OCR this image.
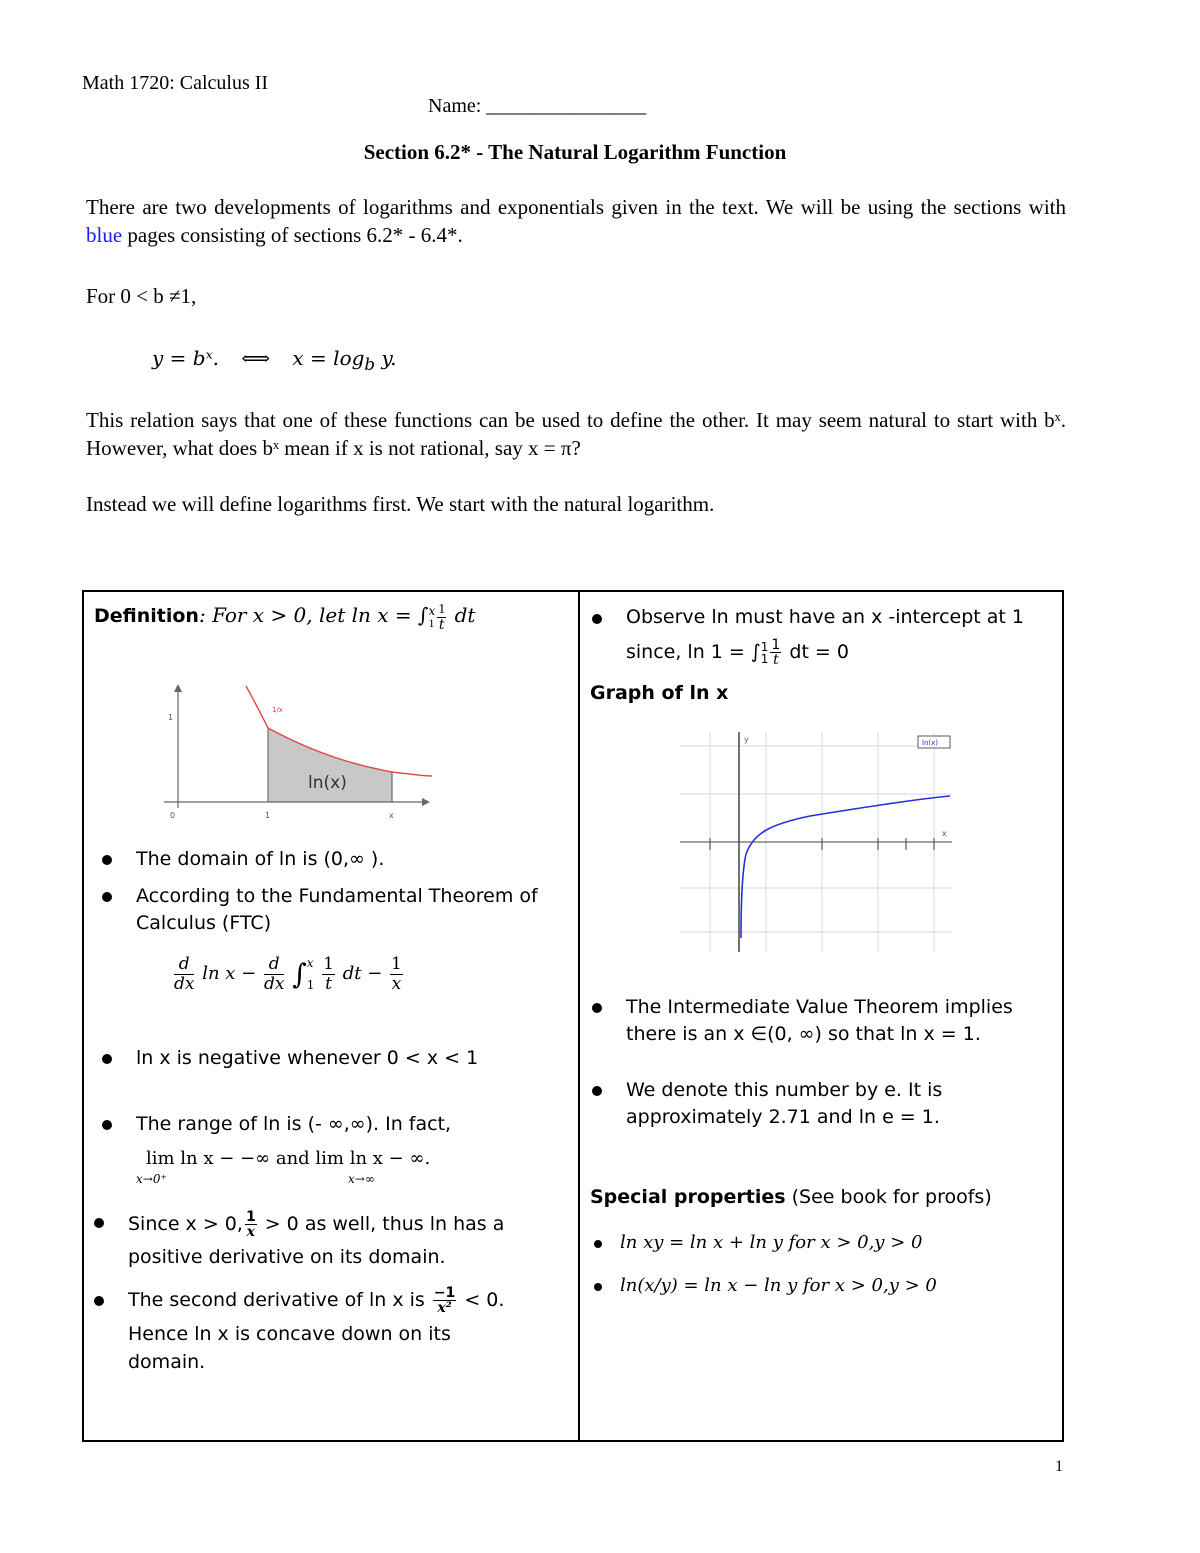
Math 1720: Calculus II
Name: ________________
Section 6.2* - The Natural Logarithm Function
There are two developments of logarithms and exponentials given in the text. We will be using the sections with blue pages consisting of sections 6.2* - 6.4*.
For 0 < b ≠1,
y = bˣ. ⟺ $x = \log_b y$.
This relation says that one of these functions can be used to define the other. It may seem natural to start with bˣ. However, what does bˣ mean if x is not rational, say x = π?
Instead we will define logarithms first. We start with the natural logarithm.
Definition: For x > 0, let ln x = ∫ x
$1 \frac{1}{t}$ dt
1
0	1	x
1/x
ln(x)
The domain of ln is (0,∞ ).
According to the Fundamental Theorem of Calculus (FTC)
$\frac{d}{dx}$ $\ln x - \frac{d}{dx}$ ∫ x
1
$\frac{1}{t}$ dt − $\frac{1}{x}$
ln x is negative whenever 0 < x < 1
The range of ln is (- ∞,∞). In fact,
lim ln x − −∞ and lim ln x − ∞.
x→0⁺	x→∞
Since x > 0, $\frac{1}{x} > 0$ as well, thus ln has a positive derivative on its domain.
The second derivative of ln x is $\frac{-1}{\text{x²}} < 0$.
Hence ln x is concave down on its domain.
Observe ln must have an x -intercept at 1
since, ln 1 = ∫ 1
$1 \frac{1}{t}$ dt = 0
Graph of ln x
y
x
ln(x)
The Intermediate Value Theorem implies there is an x ∈(0, ∞) so that ln x = 1.
We denote this number by e. It is approximately 2.71 and ln e = 1.
Special properties (See book for proofs)
ln xy = ln x + ln y for x > 0,y > 0
ln(x/y) = ln x − ln y for x > 0,y > 0
1
